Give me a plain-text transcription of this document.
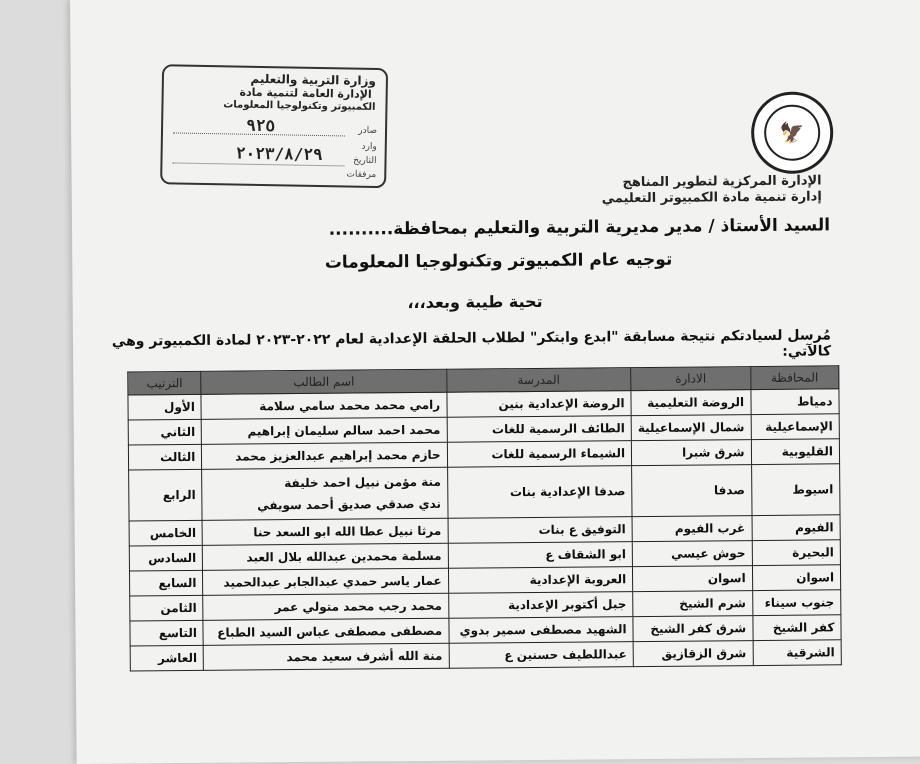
وزارة التربية والتعليم
الإدارة العامة لتنمية مادة
الكمبيوتر وتكنولوجيا المعلومات
صادر
٩٢٥
وارد
التاريخ
٢٠٢٣/٨/٢٩
مرفقات
🦅
الإدارة المركزية لتطوير المناهج
إدارة تنمية مادة الكمبيوتر التعليمي
السيد الأستاذ / مدير مديرية التربية والتعليم بمحافظة..........
توجيه عام الكمبيوتر وتكنولوجيا المعلومات
تحية طيبة وبعد،،،
مُرسل لسيادتكم نتيجة مسابقة "ابدع وابتكر" لطلاب الحلقة الإعدادية لعام ٢٠٢٢-٢٠٢٣ لمادة الكمبيوتر وهي كالآتي:
المحافظة	الادارة	المدرسة	اسم الطالب	الترتيب
دمياط	الروضة التعليمية	الروضة الإعدادية بنين	رامي محمد محمد سامي سلامة	الأول
الإسماعيلية	شمال الإسماعيلية	الطائف الرسمية للغات	محمد احمد سالم سليمان إبراهيم	الثاني
القليوبية	شرق شبرا	الشيماء الرسمية للغات	حازم محمد إبراهيم عبدالعزيز محمد	الثالث
اسيوط	صدفا	صدفا الإعدادية بنات	منة مؤمن نبيل احمد خليفة
ندي صدقي صديق أحمد سويفي	الرابع
الفيوم	غرب الفيوم	التوفيق ع بنات	مرثا نبيل عطا الله ابو السعد حنا	الخامس
البحيرة	حوش عيسي	ابو الشقاف ع	مسلمة محمدين عبدالله بلال العبد	السادس
اسوان	اسوان	العروبة الإعدادية	عمار ياسر حمدي عبدالجابر عبدالحميد	السابع
جنوب سيناء	شرم الشيخ	جبل أكتوبر الإعدادية	محمد رجب محمد متولي عمر	الثامن
كفر الشيخ	شرق كفر الشيخ	الشهيد مصطفى سمير بدوي	مصطفى مصطفى عباس السيد الطباع	التاسع
الشرقية	شرق الزقازيق	عبداللطيف حسنين ع	منة الله أشرف سعيد محمد	العاشر
